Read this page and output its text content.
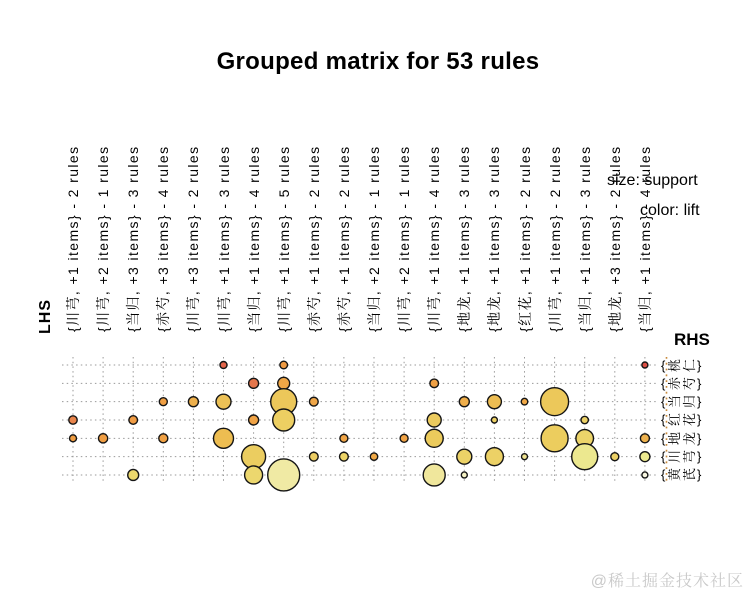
Grouped matrix for 53 rules
{川芎, +1 items} - 2 rules {川芎, +2 items} - 1 rules {当归, +3 items} - 3 rules {赤芍, +3 items} - 4 rules {川芎, +3 items} - 2 rules {川芎, +1 items} - 3 rules {当归, +1 items} - 4 rules {川芎, +1 items} - 5 rules {赤芍, +1 items} - 2 rules {赤芍, +1 items} - 2 rules {当归, +2 items} - 1 rules {川芎, +2 items} - 1 rules {川芎, +1 items} - 4 rules {地龙, +1 items} - 3 rules {地龙, +1 items} - 3 rules {红花, +1 items} - 2 rules {川芎, +1 items} - 2 rules {当归, +1 items} - 3 rules {地龙, +3 items} - 2 rules {当归, +1 items} - 4 rules
{ 桃 仁 }
{ 赤 芍 }
{ 当 归 }
{ 红 花 }
{ 地 龙 }
{ 川 芎 }
{ 黄 芪 }
LHS
RHS
size: support
color: lift
@稀土掘金技术社区
